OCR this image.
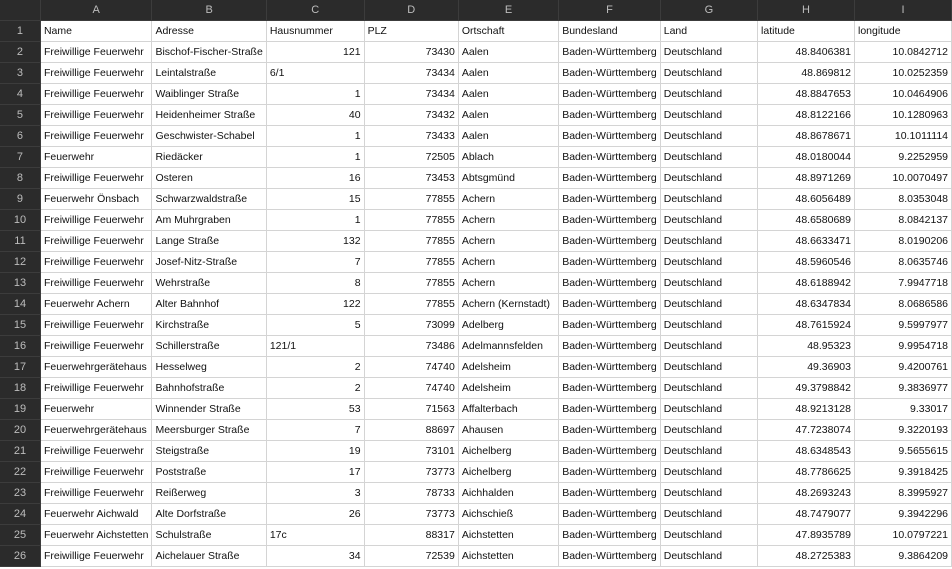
	A	B	C	D	E	F	G	H	I
1	Name	Adresse	Hausnummer	PLZ	Ortschaft	Bundesland	Land	latitude	longitude
2	Freiwillige Feuerwehr	Bischof-Fischer-Straße	121	73430	Aalen	Baden-Württemberg	Deutschland	48.8406381	10.0842712
3	Freiwillige Feuerwehr	Leintalstraße	6/1	73434	Aalen	Baden-Württemberg	Deutschland	48.869812	10.0252359
4	Freiwillige Feuerwehr	Waiblinger Straße	1	73434	Aalen	Baden-Württemberg	Deutschland	48.8847653	10.0464906
5	Freiwillige Feuerwehr	Heidenheimer Straße	40	73432	Aalen	Baden-Württemberg	Deutschland	48.8122166	10.1280963
6	Freiwillige Feuerwehr	Geschwister-Schabel	1	73433	Aalen	Baden-Württemberg	Deutschland	48.8678671	10.1011114
7	Feuerwehr	Riedäcker	1	72505	Ablach	Baden-Württemberg	Deutschland	48.0180044	9.2252959
8	Freiwillige Feuerwehr	Osteren	16	73453	Abtsgmünd	Baden-Württemberg	Deutschland	48.8971269	10.0070497
9	Feuerwehr Önsbach	Schwarzwaldstraße	15	77855	Achern	Baden-Württemberg	Deutschland	48.6056489	8.0353048
10	Freiwillige Feuerwehr	Am Muhrgraben	1	77855	Achern	Baden-Württemberg	Deutschland	48.6580689	8.0842137
11	Freiwillige Feuerwehr	Lange Straße	132	77855	Achern	Baden-Württemberg	Deutschland	48.6633471	8.0190206
12	Freiwillige Feuerwehr	Josef-Nitz-Straße	7	77855	Achern	Baden-Württemberg	Deutschland	48.5960546	8.0635746
13	Freiwillige Feuerwehr	Wehrstraße	8	77855	Achern	Baden-Württemberg	Deutschland	48.6188942	7.9947718
14	Feuerwehr Achern	Alter Bahnhof	122	77855	Achern (Kernstadt)	Baden-Württemberg	Deutschland	48.6347834	8.0686586
15	Freiwillige Feuerwehr	Kirchstraße	5	73099	Adelberg	Baden-Württemberg	Deutschland	48.7615924	9.5997977
16	Freiwillige Feuerwehr	Schillerstraße	121/1	73486	Adelmannsfelden	Baden-Württemberg	Deutschland	48.95323	9.9954718
17	Feuerwehrgerätehaus	Hesselweg	2	74740	Adelsheim	Baden-Württemberg	Deutschland	49.36903	9.4200761
18	Freiwillige Feuerwehr	Bahnhofstraße	2	74740	Adelsheim	Baden-Württemberg	Deutschland	49.3798842	9.3836977
19	Feuerwehr	Winnender Straße	53	71563	Affalterbach	Baden-Württemberg	Deutschland	48.9213128	9.33017
20	Feuerwehrgerätehaus	Meersburger Straße	7	88697	Ahausen	Baden-Württemberg	Deutschland	47.7238074	9.3220193
21	Freiwillige Feuerwehr	Steigstraße	19	73101	Aichelberg	Baden-Württemberg	Deutschland	48.6348543	9.5655615
22	Freiwillige Feuerwehr	Poststraße	17	73773	Aichelberg	Baden-Württemberg	Deutschland	48.7786625	9.3918425
23	Freiwillige Feuerwehr	Reißerweg	3	78733	Aichhalden	Baden-Württemberg	Deutschland	48.2693243	8.3995927
24	Feuerwehr Aichwald	Alte Dorfstraße	26	73773	Aichschieß	Baden-Württemberg	Deutschland	48.7479077	9.3942296
25	Feuerwehr Aichstetten	Schulstraße	17c	88317	Aichstetten	Baden-Württemberg	Deutschland	47.8935789	10.0797221
26	Freiwillige Feuerwehr	Aichelauer Straße	34	72539	Aichstetten	Baden-Württemberg	Deutschland	48.2725383	9.3864209
